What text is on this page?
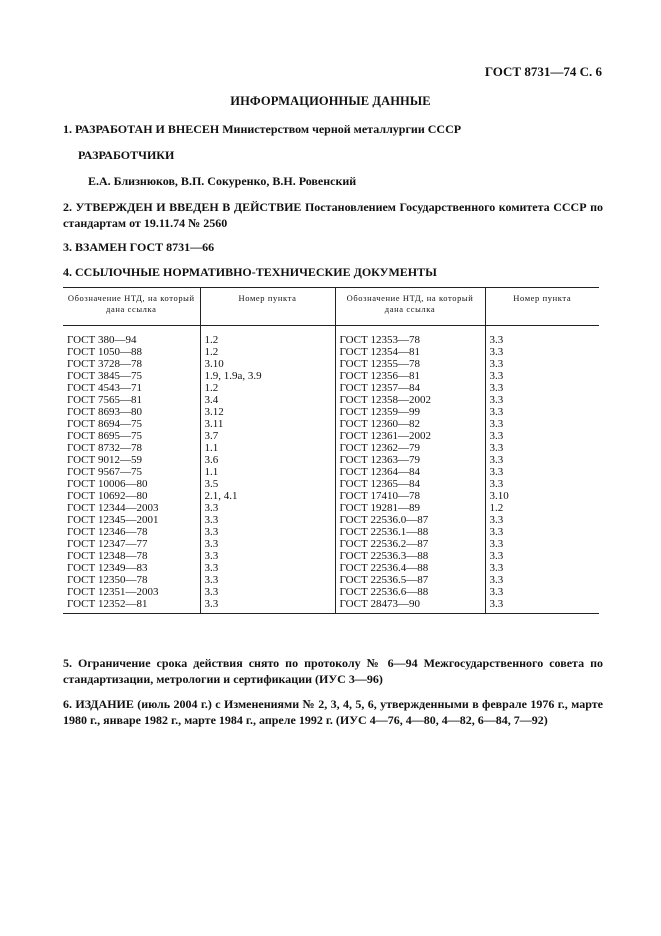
ГОСТ 8731—74 С. 6
ИНФОРМАЦИОННЫЕ ДАННЫЕ
1. РАЗРАБОТАН И ВНЕСЕН Министерством черной металлургии СССР
РАЗРАБОТЧИКИ
Е.А. Близнюков, В.П. Сокуренко, В.Н. Ровенский
2. УТВЕРЖДЕН И ВВЕДЕН В ДЕЙСТВИЕ Постановлением Государственного комитета СССР по стандартам от 19.11.74 № 2560
3. ВЗАМЕН ГОСТ 8731—66
4. ССЫЛОЧНЫЕ НОРМАТИВНО-ТЕХНИЧЕСКИЕ ДОКУМЕНТЫ
Обозначение НТД, на который дана ссылка	Номер пункта	Обозначение НТД, на который дана ссылка	Номер пункта
ГОСТ 380—94	1.2	ГОСТ 12353—78	3.3
ГОСТ 1050—88	1.2	ГОСТ 12354—81	3.3
ГОСТ 3728—78	3.10	ГОСТ 12355—78	3.3
ГОСТ 3845—75	1.9, 1.9а, 3.9	ГОСТ 12356—81	3.3
ГОСТ 4543—71	1.2	ГОСТ 12357—84	3.3
ГОСТ 7565—81	3.4	ГОСТ 12358—2002	3.3
ГОСТ 8693—80	3.12	ГОСТ 12359—99	3.3
ГОСТ 8694—75	3.11	ГОСТ 12360—82	3.3
ГОСТ 8695—75	3.7	ГОСТ 12361—2002	3.3
ГОСТ 8732—78	1.1	ГОСТ 12362—79	3.3
ГОСТ 9012—59	3.6	ГОСТ 12363—79	3.3
ГОСТ 9567—75	1.1	ГОСТ 12364—84	3.3
ГОСТ 10006—80	3.5	ГОСТ 12365—84	3.3
ГОСТ 10692—80	2.1, 4.1	ГОСТ 17410—78	3.10
ГОСТ 12344—2003	3.3	ГОСТ 19281—89	1.2
ГОСТ 12345—2001	3.3	ГОСТ 22536.0—87	3.3
ГОСТ 12346—78	3.3	ГОСТ 22536.1—88	3.3
ГОСТ 12347—77	3.3	ГОСТ 22536.2—87	3.3
ГОСТ 12348—78	3.3	ГОСТ 22536.3—88	3.3
ГОСТ 12349—83	3.3	ГОСТ 22536.4—88	3.3
ГОСТ 12350—78	3.3	ГОСТ 22536.5—87	3.3
ГОСТ 12351—2003	3.3	ГОСТ 22536.6—88	3.3
ГОСТ 12352—81	3.3	ГОСТ 28473—90	3.3
5. Ограничение срока действия снято по протоколу № 6—94 Межгосударственного совета по стандартизации, метрологии и сертификации (ИУС 3—96)
6. ИЗДАНИЕ (июль 2004 г.) с Изменениями № 2, 3, 4, 5, 6, утвержденными в феврале 1976 г., марте 1980 г., январе 1982 г., марте 1984 г., апреле 1992 г. (ИУС 4—76, 4—80, 4—82, 6—84, 7—92)
